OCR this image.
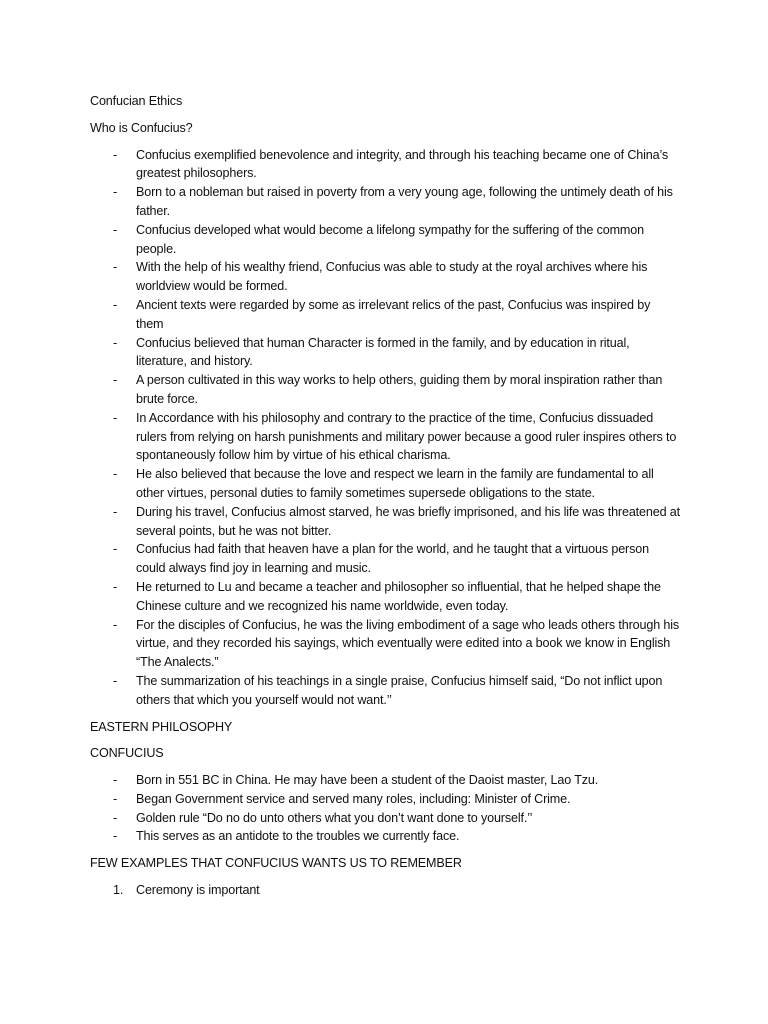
Confucian Ethics

Who is Confucius?

- Confucius exemplified benevolence and integrity, and through his teaching became one of China’s greatest philosophers.
- Born to a nobleman but raised in poverty from a very young age, following the untimely death of his father.
- Confucius developed what would become a lifelong sympathy for the suffering of the common people.
- With the help of his wealthy friend, Confucius was able to study at the royal archives where his worldview would be formed.
- Ancient texts were regarded by some as irrelevant relics of the past, Confucius was inspired by them
- Confucius believed that human Character is formed in the family, and by education in ritual, literature, and history.
- A person cultivated in this way works to help others, guiding them by moral inspiration rather than brute force.
- In Accordance with his philosophy and contrary to the practice of the time, Confucius dissuaded rulers from relying on harsh punishments and military power because a good ruler inspires others to spontaneously follow him by virtue of his ethical charisma.
- He also believed that because the love and respect we learn in the family are fundamental to all other virtues, personal duties to family sometimes supersede obligations to the state.
- During his travel, Confucius almost starved, he was briefly imprisoned, and his life was threatened at several points, but he was not bitter.
- Confucius had faith that heaven have a plan for the world, and he taught that a virtuous person could always find joy in learning and music.
- He returned to Lu and became a teacher and philosopher so influential, that he helped shape the Chinese culture and we recognized his name worldwide, even today.
- For the disciples of Confucius, he was the living embodiment of a sage who leads others through his virtue, and they recorded his sayings, which eventually were edited into a book we know in English “The Analects.”
- The summarization of his teachings in a single praise, Confucius himself said, “Do not inflict upon others that which you yourself would not want.’’

EASTERN PHILOSOPHY

CONFUCIUS

- Born in 551 BC in China. He may have been a student of the Daoist master, Lao Tzu.
- Began Government service and served many roles, including: Minister of Crime.
- Golden rule “Do no do unto others what you don’t want done to yourself.’’
- This serves as an antidote to the troubles we currently face.

FEW EXAMPLES THAT CONFUCIUS WANTS US TO REMEMBER

1. Ceremony is important
